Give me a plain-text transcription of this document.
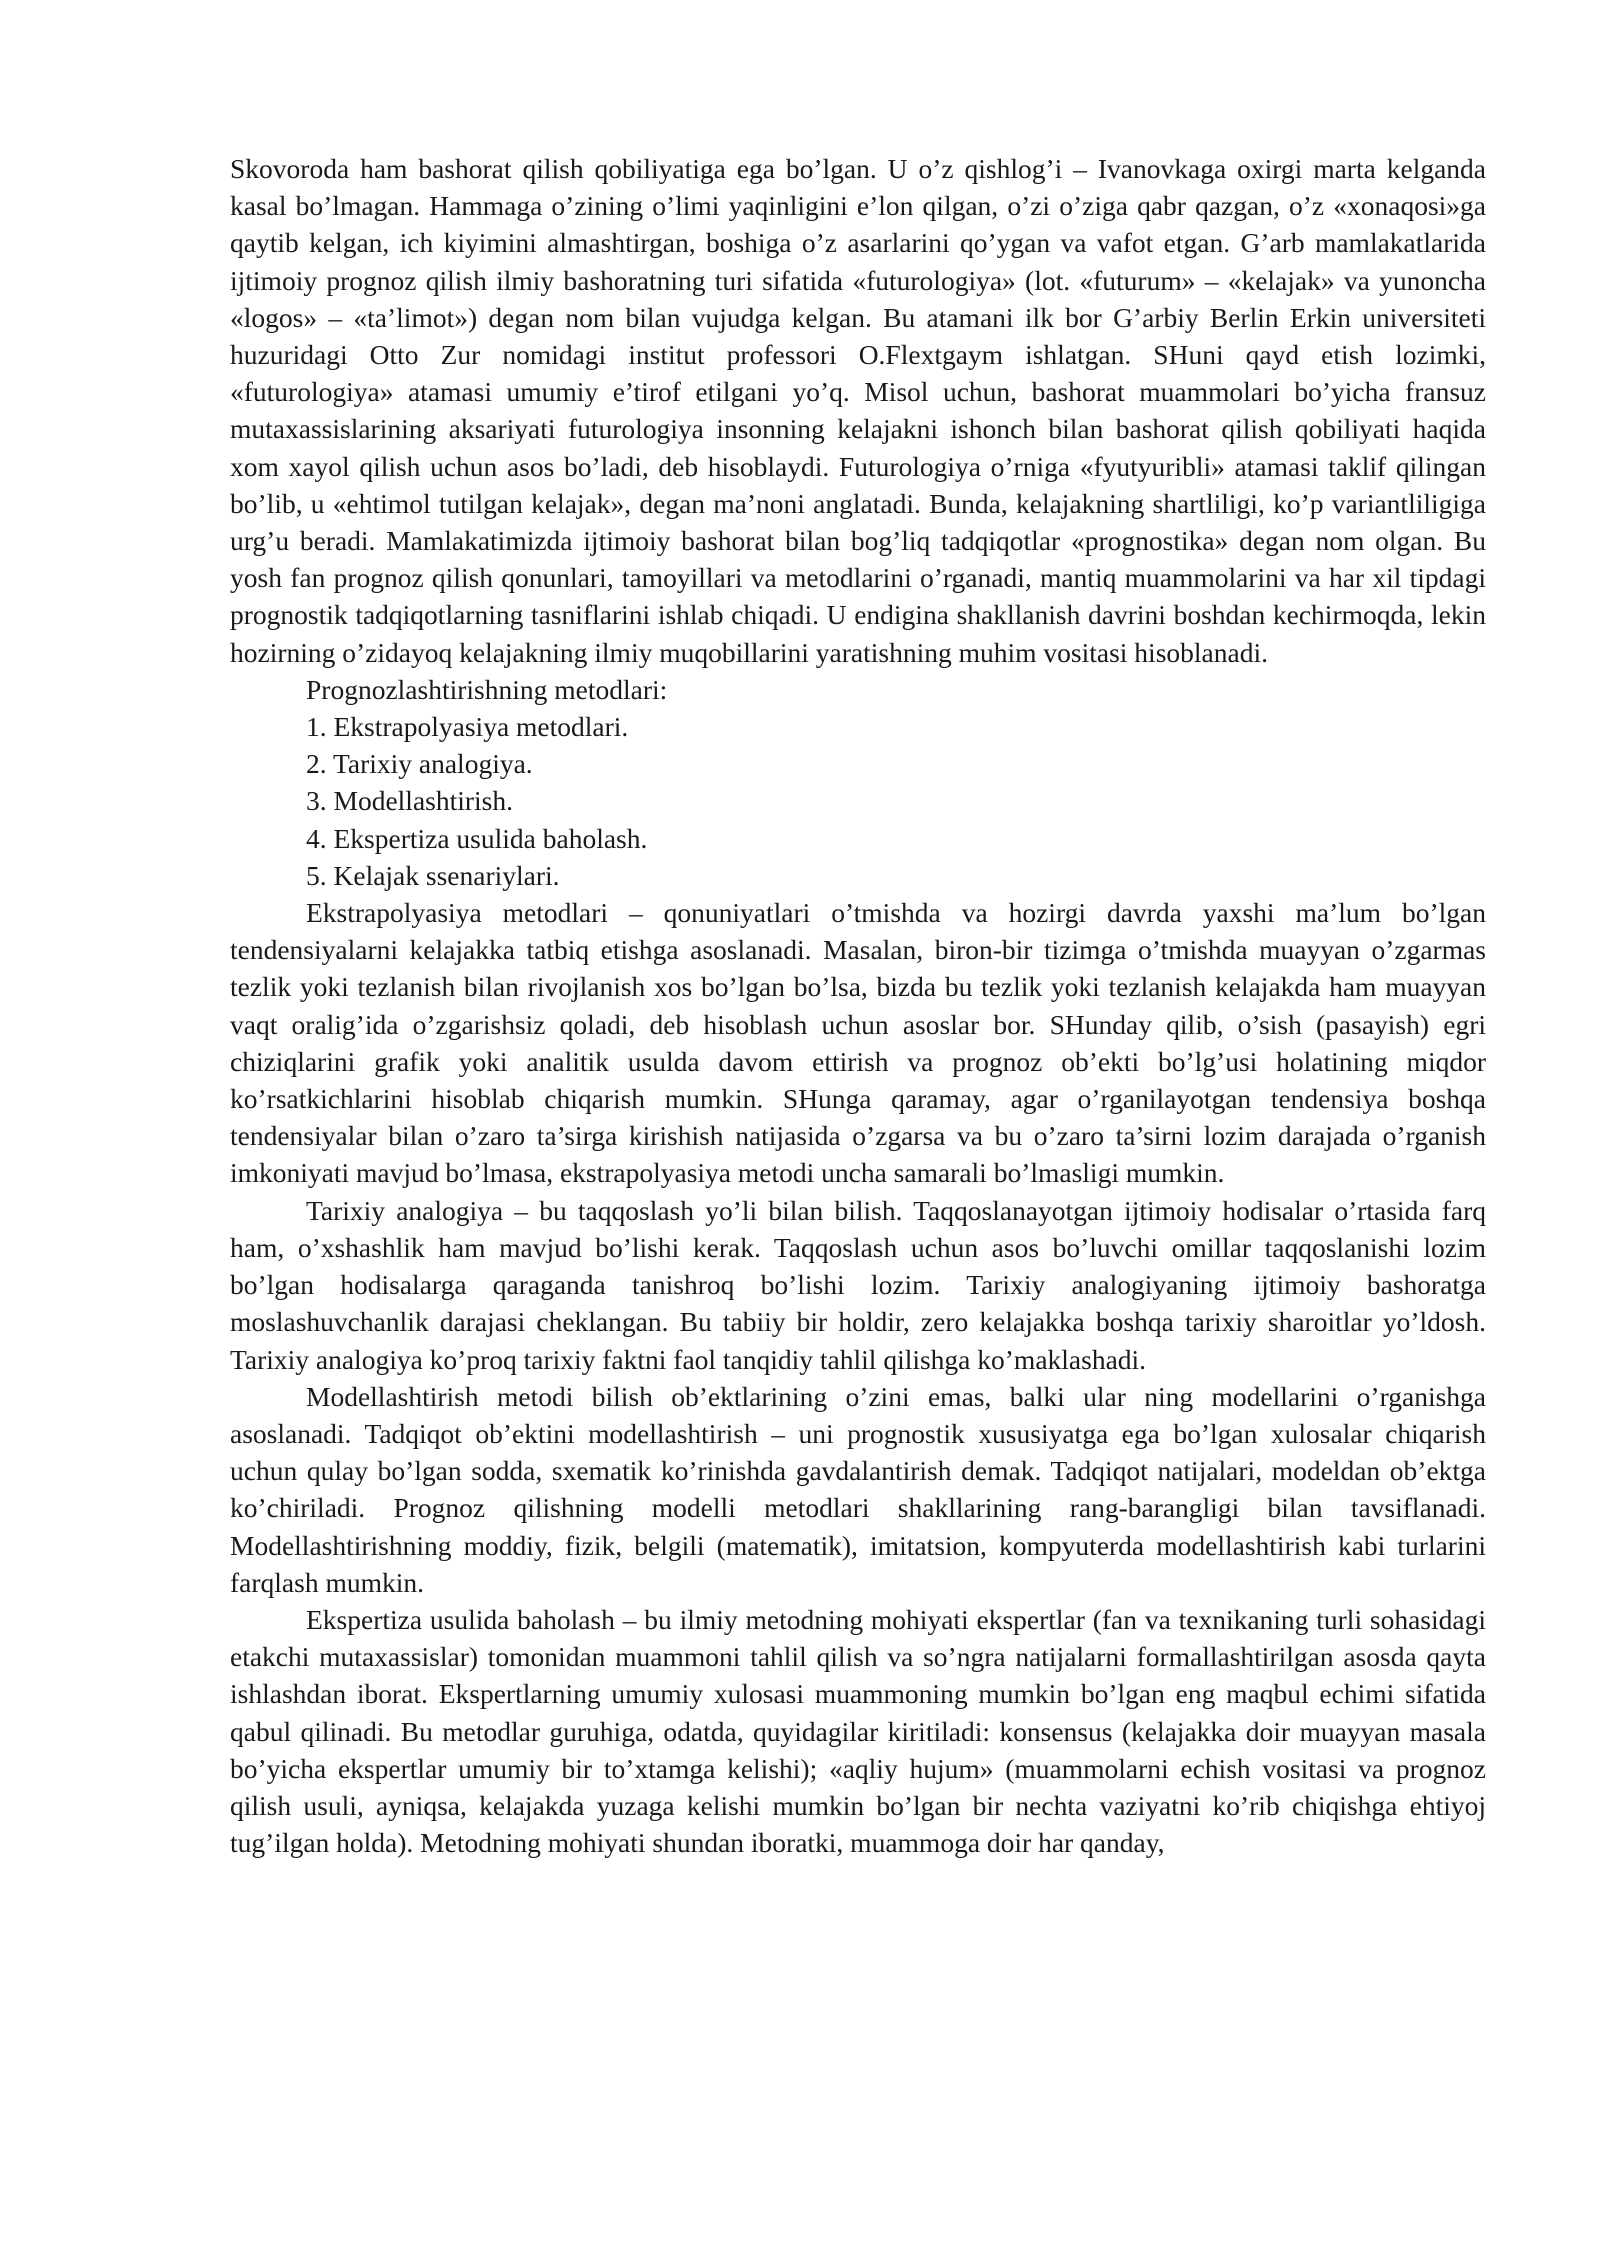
Skovoroda ham bashorat qilish qobiliyatiga ega bo’lgan. U o’z qishlog’i – Ivanovkaga oxirgi marta kelganda kasal bo’lmagan. Hammaga o’zining o’limi yaqinligini e’lon qilgan, o’zi o’ziga qabr qazgan, o’z «xonaqosi»ga qaytib kelgan, ich kiyimini almashtirgan, boshiga o’z asarlarini qo’ygan va vafot etgan. G’arb mamlakatlarida ijtimoiy prognoz qilish ilmiy bashoratning turi sifatida «futurologiya» (lot. «futurum» – «kelajak» va yunoncha «logos» – «ta’limot») degan nom bilan vujudga kelgan. Bu atamani ilk bor G’arbiy Berlin Erkin universiteti huzuridagi Otto Zur nomidagi institut professori O.Flextgaym ishlatgan. SHuni qayd etish lozimki, «futurologiya» atamasi umumiy e’tirof etilgani yo’q. Misol uchun, bashorat muammolari bo’yicha fransuz mutaxassislarining aksariyati futurologiya insonning kelajakni ishonch bilan bashorat qilish qobiliyati haqida xom xayol qilish uchun asos bo’ladi, deb hisoblaydi. Futurologiya o’rniga «fyutyuribli» atamasi taklif qilingan bo’lib, u «ehtimol tutilgan kelajak», degan ma’noni anglatadi. Bunda, kelajakning shartliligi, ko’p variantliligiga urg’u beradi. Mamlakatimizda ijtimoiy bashorat bilan bog’liq tadqiqotlar «prognostika» degan nom olgan. Bu yosh fan prognoz qilish qonunlari, tamoyillari va metodlarini o’rganadi, mantiq muammolarini va har xil tipdagi prognostik tadqiqotlarning tasniflarini ishlab chiqadi. U endigina shakllanish davrini boshdan kechirmoqda, lekin hozirning o’zidayoq kelajakning ilmiy muqobillarini yaratishning muhim vositasi hisoblanadi.

Prognozlashtirishning metodlari:

1. Ekstrapolyasiya metodlari.

2. Tarixiy analogiya.

3. Modellashtirish.

4. Ekspertiza usulida baholash.

5. Kelajak ssenariylari.

Ekstrapolyasiya metodlari – qonuniyatlari o’tmishda va hozirgi davrda yaxshi ma’lum bo’lgan tendensiyalarni kelajakka tatbiq etishga asoslanadi. Masalan, biron-bir tizimga o’tmishda muayyan o’zgarmas tezlik yoki tezlanish bilan rivojlanish xos bo’lgan bo’lsa, bizda bu tezlik yoki tezlanish kelajakda ham muayyan vaqt oralig’ida o’zgarishsiz qoladi, deb hisoblash uchun asoslar bor. SHunday qilib, o’sish (pasayish) egri chiziqlarini grafik yoki analitik usulda davom ettirish va prognoz ob’ekti bo’lg’usi holatining miqdor ko’rsatkichlarini hisoblab chiqarish mumkin. SHunga qaramay, agar o’rganilayotgan tendensiya boshqa tendensiyalar bilan o’zaro ta’sirga kirishish natijasida o’zgarsa va bu o’zaro ta’sirni lozim darajada o’rganish imkoniyati mavjud bo’lmasa, ekstrapolyasiya metodi uncha samarali bo’lmasligi mumkin.

Tarixiy analogiya – bu taqqoslash yo’li bilan bilish. Taqqoslanayotgan ijtimoiy hodisalar o’rtasida farq ham, o’xshashlik ham mavjud bo’lishi kerak. Taqqoslash uchun asos bo’luvchi omillar taqqoslanishi lozim bo’lgan hodisalarga qaraganda tanishroq bo’lishi lozim. Tarixiy analogiyaning ijtimoiy bashoratga moslashuvchanlik darajasi cheklangan. Bu tabiiy bir holdir, zero kelajakka boshqa tarixiy sharoitlar yo’ldosh. Tarixiy analogiya ko’proq tarixiy faktni faol tanqidiy tahlil qilishga ko’maklashadi.

Modellashtirish metodi bilish ob’ektlarining o’zini emas, balki ular ning modellarini o’rganishga asoslanadi. Tadqiqot ob’ektini modellashtirish – uni prognostik xususiyatga ega bo’lgan xulosalar chiqarish uchun qulay bo’lgan sodda, sxematik ko’rinishda gavdalantirish demak. Tadqiqot natijalari, modeldan ob’ektga ko’chiriladi. Prognoz qilishning modelli metodlari shakllarining rang-barangligi bilan tavsiflanadi. Modellashtirishning moddiy, fizik, belgili (matematik), imitatsion, kompyuterda modellashtirish kabi turlarini farqlash mumkin.

Ekspertiza usulida baholash – bu ilmiy metodning mohiyati ekspertlar (fan va texnikaning turli sohasidagi etakchi mutaxassislar) tomonidan muammoni tahlil qilish va so’ngra natijalarni formallashtirilgan asosda qayta ishlashdan iborat. Ekspertlarning umumiy xulosasi muammoning mumkin bo’lgan eng maqbul echimi sifatida qabul qilinadi. Bu metodlar guruhiga, odatda, quyidagilar kiritiladi: konsensus (kelajakka doir muayyan masala bo’yicha ekspertlar umumiy bir to’xtamga kelishi); «aqliy hujum» (muammolarni echish vositasi va prognoz qilish usuli, ayniqsa, kelajakda yuzaga kelishi mumkin bo’lgan bir nechta vaziyatni ko’rib chiqishga ehtiyoj tug’ilgan holda). Metodning mohiyati shundan iboratki, muammoga doir har qanday,
